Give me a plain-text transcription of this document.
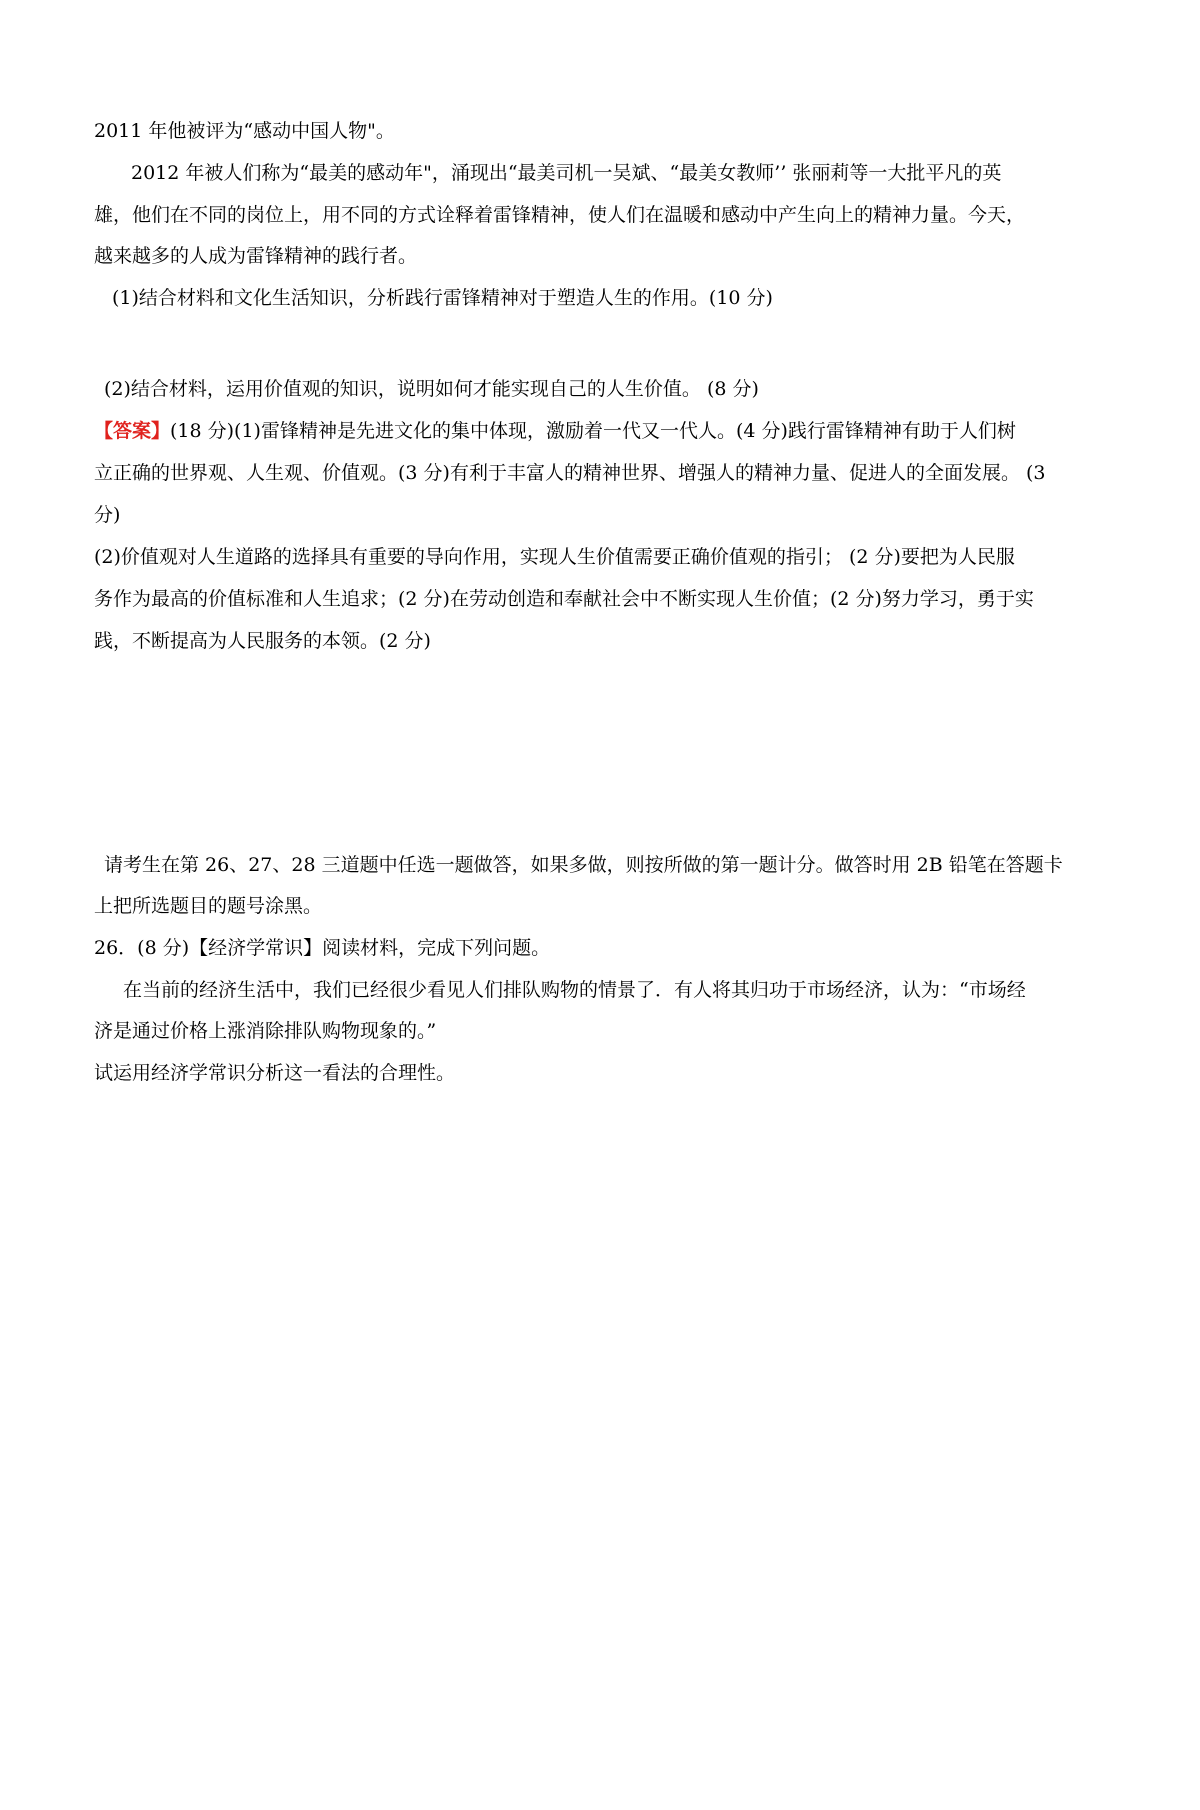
2011 年他被评为“感动中国人物"。
2012 年被人们称为“最美的感动年"，涌现出“最美司机一吴斌、“最美女教师’’ 张丽莉等一大批平凡的英
雄，他们在不同的岗位上，用不同的方式诠释着雷锋精神，使人们在温暖和感动中产生向上的精神力量。今天，
越来越多的人成为雷锋精神的践行者。
(1)结合材料和文化生活知识，分析践行雷锋精神对于塑造人生的作用。(10 分)
(2)结合材料，运用价值观的知识，说明如何才能实现自己的人生价值。 (8 分)
【答案】(18 分)(1)雷锋精神是先进文化的集中体现，激励着一代又一代人。(4 分)践行雷锋精神有助于人们树
立正确的世界观、人生观、价值观。(3 分)有利于丰富人的精神世界、增强人的精神力量、促进人的全面发展。 (3
分)
(2)价值观对人生道路的选择具有重要的导向作用，实现人生价值需要正确价值观的指引； (2 分)要把为人民服
务作为最高的价值标准和人生追求；(2 分)在劳动创造和奉献社会中不断实现人生价值；(2 分)努力学习，勇于实
践，不断提高为人民服务的本领。(2 分)
请考生在第 26、27、28 三道题中任选一题做答，如果多做，则按所做的第一题计分。做答时用 2B 铅笔在答题卡
上把所选题目的题号涂黑。
26．(8 分)【经济学常识】阅读材料，完成下列问题。
在当前的经济生活中，我们已经很少看见人们排队购物的情景了．有人将其归功于市场经济，认为：“市场经
济是通过价格上涨消除排队购物现象的。”
试运用经济学常识分析这一看法的合理性。
